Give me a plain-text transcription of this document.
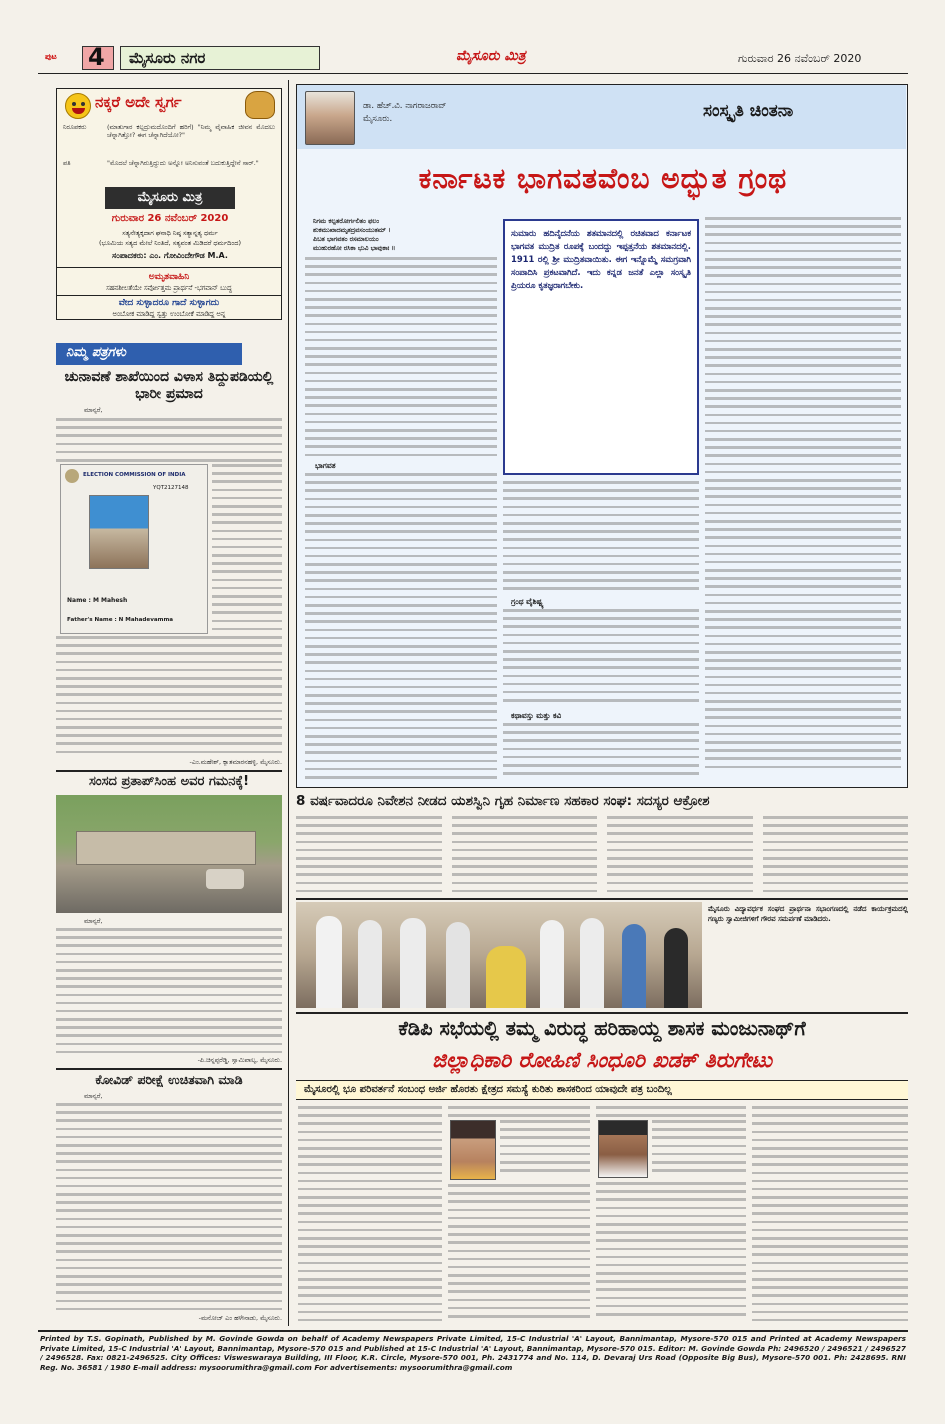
ಪುಟ 4	ಮೈಸೂರು ನಗರ	ಮೈಸೂರು ಮಿತ್ರ	ಗುರುವಾರ 26 ನವೆಂಬರ್ 2020
ನಕ್ಕರೆ ಅದೇ ಸ್ವರ್ಗ
ನಿರೂಪಕರು	(ಮಾತುಗಾರ ಕಲ್ಪದ್ರುಮದೊಂದಿಗೆ ಹರಿಗೆ) "ನಿಮ್ಮ ವೈವಾಹಿಕ ಜೀವನ ಮೊದಲು ಚೆನ್ನಾಗಿತ್ತೋ? ಈಗ ಚೆನ್ನಾಗಿದೆಯೋ?"
ಪತಿ	"ಮೊದಲೆ ಚೆನ್ನಾಗಿರುತ್ತಿದ್ದುದು ಅನ್ನೋ ಅನಿಸುವಂತೆ ಬದುಕುತ್ತಿದ್ದೇನೆ ಸಾರ್."
ಮೈಸೂರು ಮಿತ್ರ
ಗುರುವಾರ 26 ನವೆಂಬರ್ 2020
ಸತ್ಯನೇತ್ಯಕ್ಕದಾಗ ಘನಾಧಿ ನಿಷ್ಠ ಸತ್ಯಾನ್ನತ್ಯ ಧರ್ಮ
(ಭೂಮಿಯ ಸತ್ಯದ ಮೇಲೆ ನಿಂತಿದೆ, ಸತ್ಯವಂತ ಮಿಡಿದರೆ ಧರ್ಮದಿಂದ)
ಸಂಪಾದಕರು: ಎಂ. ಗೋವಿಂದೇಗೌಡ M.A.
ಅಮೃತವಾಹಿನಿ
ಸಹನಶೀಲತೆಯೇ ಸರ್ವೋತ್ತಮ ಪ್ರಾರ್ಥನೆ -ಭಗವಾನ್ ಬುದ್ಧ
ವೇದ ಸುಳ್ಳಾದರೂ ಗಾದೆ ಸುಳ್ಳಾಗದು
ಅಂಬೋಕ ಮಾಡಿದ್ದ ಸ್ವತ್ತು ಉಂಬೋಕೆ ಮಾಡಿದ್ದ ಅನ್ನ
ನಿಮ್ಮ ಪತ್ರಗಳು
ಚುನಾವಣೆ ಶಾಖೆಯಿಂದ ವಿಳಾಸ ತಿದ್ದುಪಡಿಯಲ್ಲಿ ಭಾರೀ ಪ್ರಮಾದ
ಮಾನ್ಯರೆ,
ELECTION COMMISSION OF INDIA
YQT2127148
Name : M Mahesh
Father's Name : N Mahadevamma
-ಎಂ.ಮಹೇಶ್, ಕ್ಯಾತಮಾರನಹಳ್ಳಿ, ಮೈಸೂರು.
ಸಂಸದ ಪ್ರತಾಪ್‌ಸಿಂಹ ಅವರ ಗಮನಕ್ಕೆ!
ಮಾನ್ಯರೆ,
-ಪಿ.ಚಿನ್ನಪ್ಪರೆಡ್ಡಿ, ಸ್ವಾಮಿಪಾಲ್ಯ, ಮೈಸೂರು.
ಕೋವಿಡ್ ಪರೀಕ್ಷೆ ಉಚಿತವಾಗಿ ಮಾಡಿ
ಮಾನ್ಯರೆ,
-ಮನೋಜ್ ಎಂ ಹಳೇನಾಡು, ಮೈಸೂರು.
ಡಾ. ಹೆಚ್.ವಿ. ನಾಗರಾಜರಾವ್
ಮೈಸೂರು.	ಸಂಸ್ಕೃತಿ ಚಿಂತನಾ
ಕರ್ನಾಟಕ ಭಾಗವತವೆಂಬ ಅದ್ಭುತ ಗ್ರಂಥ
ನಿಗಮ ಕಲ್ಪತರೋರ್ಗಲಿತಂ ಫಲಂ
ಶುಕಮುಖಾದಮೃತದ್ರವಸಂಯುತಮ್ ।
ಪಿಬತ ಭಾಗವತಂ ರಸಮಾಲಯಂ
ಮುಹುರಹೋ ರಸಿಕಾ ಭುವಿ ಭಾವುಕಾಃ ॥
ಭಾಗವತ
ಸುಮಾರು ಹದಿನೈದನೆಯ ಶತಮಾನದಲ್ಲಿ ರಚಿತವಾದ ಕರ್ನಾಟಕ ಭಾಗವತ ಮುದ್ರಿತ ರೂಪಕ್ಕೆ ಬಂದದ್ದು ಇಪ್ಪತ್ತನೆಯ ಶತಮಾನದಲ್ಲಿ. 1911 ರಲ್ಲಿ ಶ್ರೀ ಮುದ್ರಿತವಾಯಿತು. ಈಗ ಇನ್ನೊಮ್ಮೆ ಸಮಗ್ರವಾಗಿ ಸಂಪಾದಿಸಿ ಪ್ರಕಟವಾಗಿದೆ. ಇದು ಕನ್ನಡ ಜನತೆ ಎಲ್ಲಾ ಸಂಸ್ಕೃತಿ ಪ್ರಿಯರೂ ಕೃತಜ್ಞರಾಗಬೇಕು.
ಗ್ರಂಥ ವೈಶಿಷ್ಟ್ಯ
ಕಥಾವಸ್ತು ಮತ್ತು ಕವಿ
8 ವರ್ಷವಾದರೂ ನಿವೇಶನ ನೀಡದ ಯಶಸ್ವಿನಿ ಗೃಹ ನಿರ್ಮಾಣ ಸಹಕಾರ ಸಂಘ: ಸದಸ್ಯರ ಆಕ್ರೋಶ
ಮೈಸೂರು ವಿದ್ಯಾವರ್ಧಕ ಸಂಘದ ಪ್ರಾರ್ಥನಾ ಸಭಾಂಗಣದಲ್ಲಿ ನಡೆದ ಕಾರ್ಯಕ್ರಮದಲ್ಲಿ ಗಣ್ಯರು ಸ್ವಾಮೀಜಿಗಳಿಗೆ ಗೌರವ ಸಮರ್ಪಣೆ ಮಾಡಿದರು.
ಕೆಡಿಪಿ ಸಭೆಯಲ್ಲಿ ತಮ್ಮ ವಿರುದ್ಧ ಹರಿಹಾಯ್ದ ಶಾಸಕ ಮಂಜುನಾಥ್‌ಗೆ
ಜಿಲ್ಲಾಧಿಕಾರಿ ರೋಹಿಣಿ ಸಿಂಧೂರಿ ಖಡಕ್ ತಿರುಗೇಟು
ಮೈಸೂರಲ್ಲಿ ಭೂ ಪರಿವರ್ತನೆ ಸಂಬಂಧ ಅರ್ಜಿ ಹೊರತು ಕ್ಷೇತ್ರದ ಸಮಸ್ಯೆ ಕುರಿತು ಶಾಸಕರಿಂದ ಯಾವುದೇ ಪತ್ರ ಬಂದಿಲ್ಲ
Printed by T.S. Gopinath, Published by M. Govinde Gowda on behalf of Academy Newspapers Private Limited, 15-C Industrial 'A' Layout, Bannimantap, Mysore-570 015 and Printed at Academy Newspapers Private Limited, 15-C Industrial 'A' Layout, Bannimantap, Mysore-570 015 and Published at 15-C Industrial 'A' Layout, Bannimantap, Mysore-570 015. Editor: M. Govinde Gowda Ph: 2496520 / 2496521 / 2496527 / 2496528. Fax: 0821-2496525. City Offices: Visweswaraya Building, III Floor, K.R. Circle, Mysore-570 001, Ph. 2431774 and No. 114, D. Devaraj Urs Road (Opposite Big Bus), Mysore-570 001. Ph: 2428695. RNI Reg. No. 36581 / 1980 E-mail address: mysoorumithra@gmail.com For advertisements: mysoorumithra@gmail.com
